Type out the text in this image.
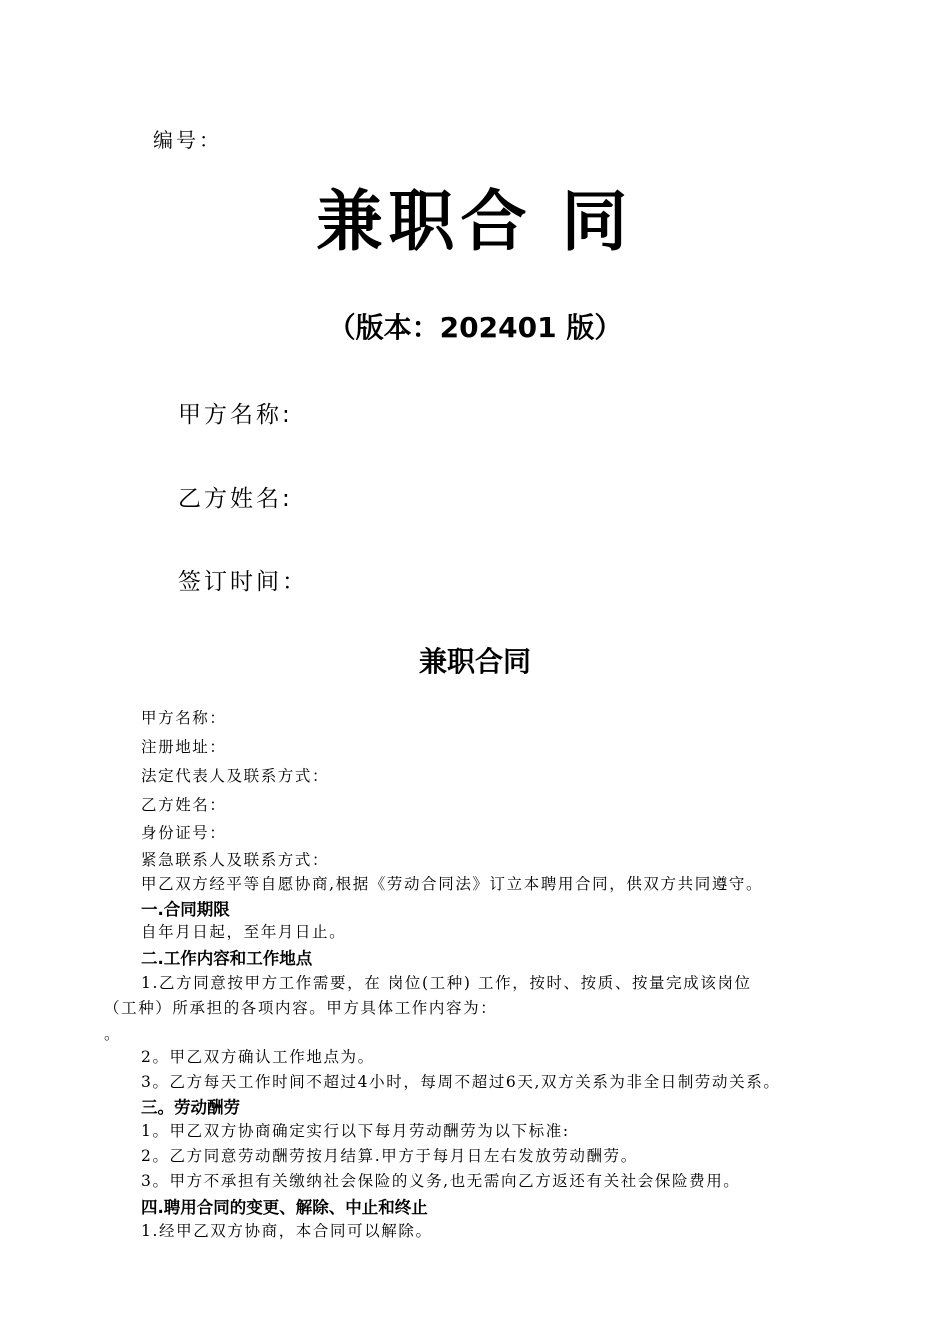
编号：
兼职合 同
（版本：202401 版）
甲方名称:
乙方姓名:
签订时间：
兼职合同
甲方名称：
注册地址：
法定代表人及联系方式：
乙方姓名：
身份证号：
紧急联系人及联系方式：
甲乙双方经平等自愿协商,根据《劳动合同法》订立本聘用合同，供双方共同遵守。
一.合同期限
自年月日起，至年月日止。
二.工作内容和工作地点
1.乙方同意按甲方工作需要，在 岗位(工种) 工作，按时、按质、按量完成该岗位
（工种）所承担的各项内容。甲方具体工作内容为：
。
2。甲乙双方确认工作地点为。
3。乙方每天工作时间不超过4小时，每周不超过6天,双方关系为非全日制劳动关系。
三。劳动酬劳
1。甲乙双方协商确定实行以下每月劳动酬劳为以下标准:
2。乙方同意劳动酬劳按月结算.甲方于每月日左右发放劳动酬劳。
3。甲方不承担有关缴纳社会保险的义务,也无需向乙方返还有关社会保险费用。
四.聘用合同的变更、解除、中止和终止
1.经甲乙双方协商，本合同可以解除。
